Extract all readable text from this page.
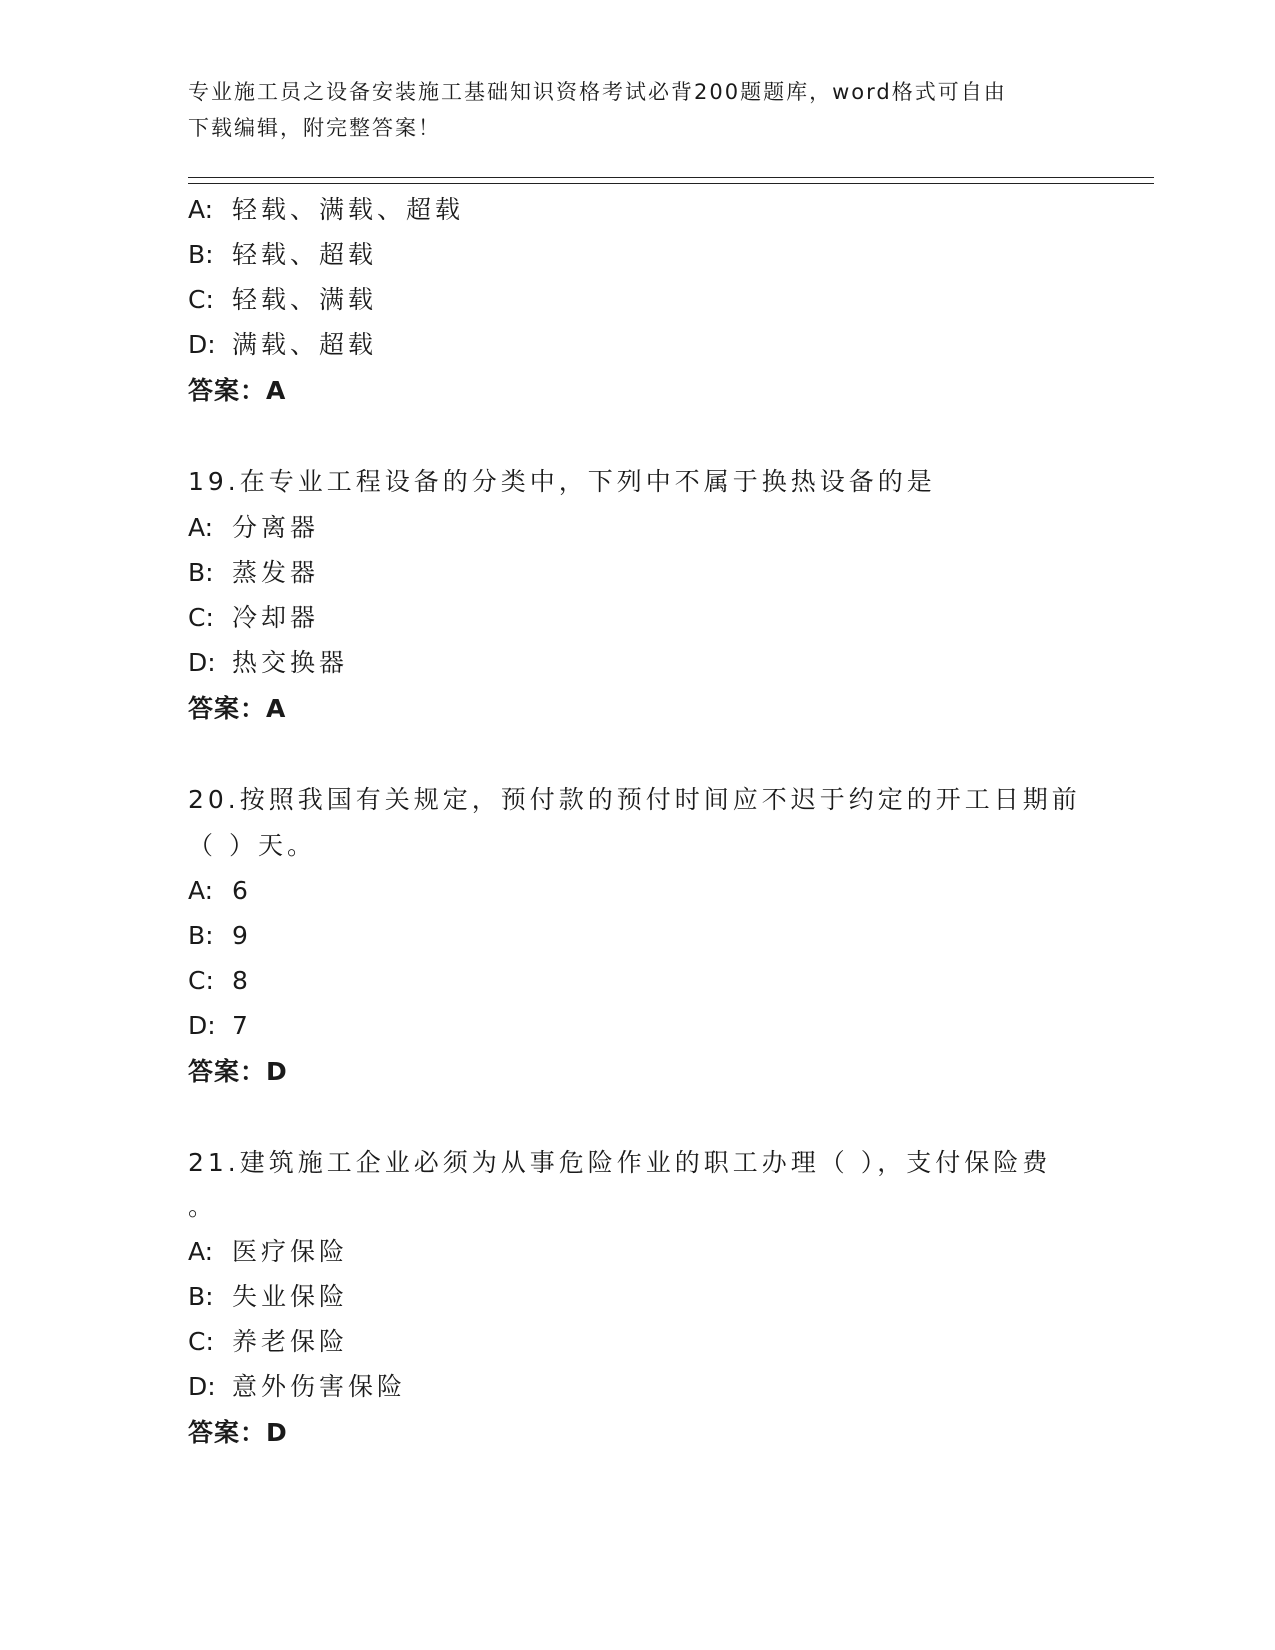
专业施工员之设备安装施工基础知识资格考试必背200题题库，word格式可自由
下载编辑，附完整答案！
A: 轻载、满载、超载
B: 轻载、超载
C: 轻载、满载
D: 满载、超载
答案：A
19.在专业工程设备的分类中，下列中不属于换热设备的是
A: 分离器
B: 蒸发器
C: 冷却器
D: 热交换器
答案：A
20.按照我国有关规定，预付款的预付时间应不迟于约定的开工日期前
（ ）天。
A: 6
B: 9
C: 8
D: 7
答案：D
21.建筑施工企业必须为从事危险作业的职工办理（ ），支付保险费
。
A: 医疗保险
B: 失业保险
C: 养老保险
D: 意外伤害保险
答案：D
